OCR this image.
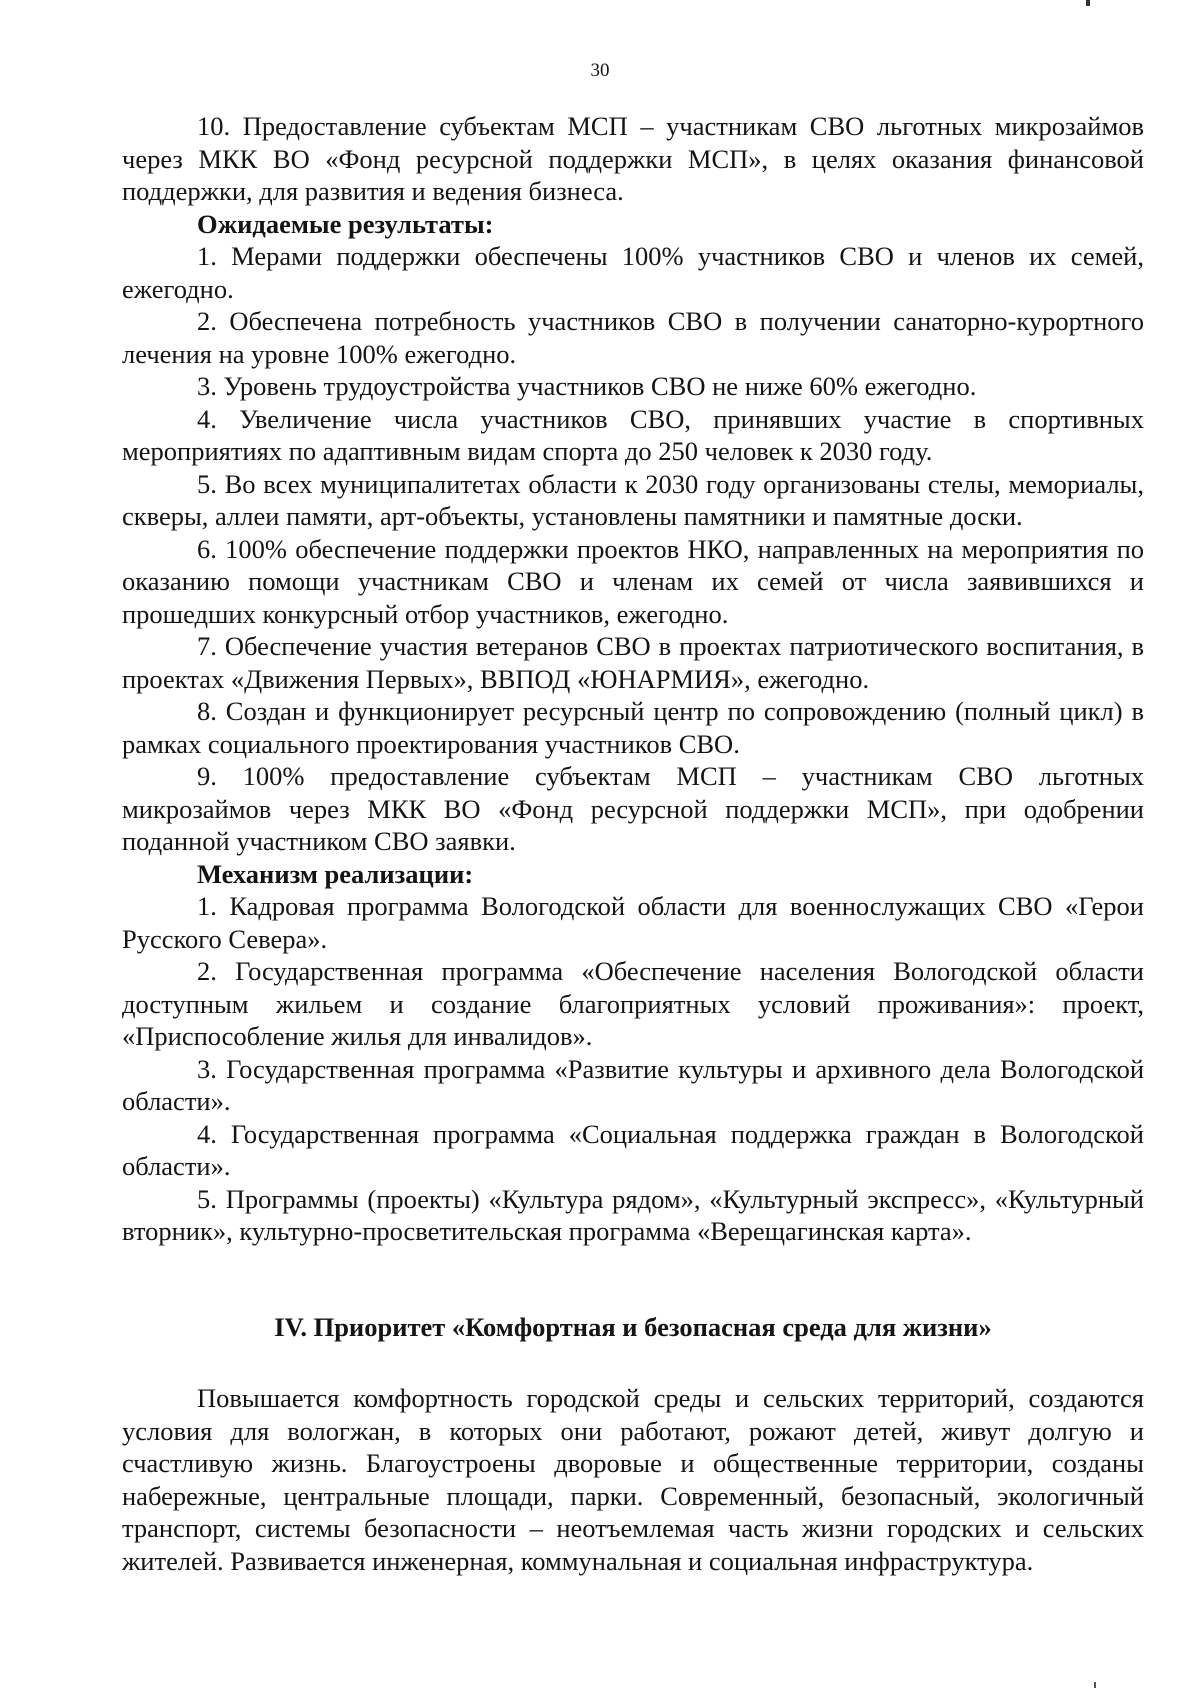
30

10. Предоставление субъектам МСП – участникам СВО льготных микрозаймов через МКК ВО «Фонд ресурсной поддержки МСП», в целях оказания финансовой поддержки, для развития и ведения бизнеса.

Ожидаемые результаты:

1. Мерами поддержки обеспечены 100% участников СВО и членов их семей, ежегодно.

2. Обеспечена потребность участников СВО в получении санаторно-курортного лечения на уровне 100% ежегодно.

3. Уровень трудоустройства участников СВО не ниже 60% ежегодно.

4. Увеличение числа участников СВО, принявших участие в спортивных мероприятиях по адаптивным видам спорта до 250 человек к 2030 году.

5. Во всех муниципалитетах области к 2030 году организованы стелы, мемориалы, скверы, аллеи памяти, арт-объекты, установлены памятники и памятные доски.

6. 100% обеспечение поддержки проектов НКО, направленных на мероприятия по оказанию помощи участникам СВО и членам их семей от числа заявившихся и прошедших конкурсный отбор участников, ежегодно.

7. Обеспечение участия ветеранов СВО в проектах патриотического воспитания, в проектах «Движения Первых», ВВПОД «ЮНАРМИЯ», ежегодно.

8. Создан и функционирует ресурсный центр по сопровождению (полный цикл) в рамках социального проектирования участников СВО.

9. 100% предоставление субъектам МСП – участникам СВО льготных микрозаймов через МКК ВО «Фонд ресурсной поддержки МСП», при одобрении поданной участником СВО заявки.

Механизм реализации:

1. Кадровая программа Вологодской области для военнослужащих СВО «Герои Русского Севера».

2. Государственная программа «Обеспечение населения Вологодской области доступным жильем и создание благоприятных условий проживания»: проект, «Приспособление жилья для инвалидов».

3. Государственная программа «Развитие культуры и архивного дела Вологодской области».

4. Государственная программа «Социальная поддержка граждан в Вологодской области».

5. Программы (проекты) «Культура рядом», «Культурный экспресс», «Культурный вторник», культурно-просветительская программа «Верещагинская карта».

IV. Приоритет «Комфортная и безопасная среда для жизни»

Повышается комфортность городской среды и сельских территорий, создаются условия для вологжан, в которых они работают, рожают детей, живут долгую и счастливую жизнь. Благоустроены дворовые и общественные территории, созданы набережные, центральные площади, парки. Современный, безопасный, экологичный транспорт, системы безопасности – неотъемлемая часть жизни городских и сельских жителей. Развивается инженерная, коммунальная и социальная инфраструктура.
